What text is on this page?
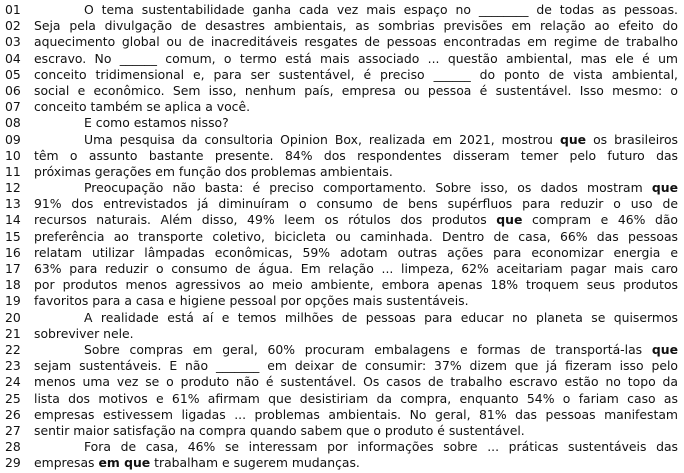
01	O tema sustentabilidade ganha cada vez mais espaço no ________ de todas as pessoas.
02	Seja pela divulgação de desastres ambientais, as sombrias previsões em relação ao efeito do
03	aquecimento global ou de inacreditáveis resgates de pessoas encontradas em regime de trabalho
04	escravo. No ______ comum, o termo está mais associado ... questão ambiental, mas ele é um
05	conceito tridimensional e, para ser sustentável, é preciso ______ do ponto de vista ambiental,
06	social e econômico. Sem isso, nenhum país, empresa ou pessoa é sustentável. Isso mesmo: o
07	conceito também se aplica a você.
08	E como estamos nisso?
09	Uma pesquisa da consultoria Opinion Box, realizada em 2021, mostrou que os brasileiros
10	têm o assunto bastante presente. 84% dos respondentes disseram temer pelo futuro das
11	próximas gerações em função dos problemas ambientais.
12	Preocupação não basta: é preciso comportamento. Sobre isso, os dados mostram que
13	91% dos entrevistados já diminuíram o consumo de bens supérfluos para reduzir o uso de
14	recursos naturais. Além disso, 49% leem os rótulos dos produtos que compram e 46% dão
15	preferência ao transporte coletivo, bicicleta ou caminhada. Dentro de casa, 66% das pessoas
16	relatam utilizar lâmpadas econômicas, 59% adotam outras ações para economizar energia e
17	63% para reduzir o consumo de água. Em relação ... limpeza, 62% aceitariam pagar mais caro
18	por produtos menos agressivos ao meio ambiente, embora apenas 18% troquem seus produtos
19	favoritos para a casa e higiene pessoal por opções mais sustentáveis.
20	A realidade está aí e temos milhões de pessoas para educar no planeta se quisermos
21	sobreviver nele.
22	Sobre compras em geral, 60% procuram embalagens e formas de transportá-las que
23	sejam sustentáveis. E não _______ em deixar de consumir: 37% dizem que já fizeram isso pelo
24	menos uma vez se o produto não é sustentável. Os casos de trabalho escravo estão no topo da
25	lista dos motivos e 61% afirmam que desistiriam da compra, enquanto 54% o fariam caso as
26	empresas estivessem ligadas ... problemas ambientais. No geral, 81% das pessoas manifestam
27	sentir maior satisfação na compra quando sabem que o produto é sustentável.
28	Fora de casa, 46% se interessam por informações sobre ... práticas sustentáveis das
29	empresas em que trabalham e sugerem mudanças.
